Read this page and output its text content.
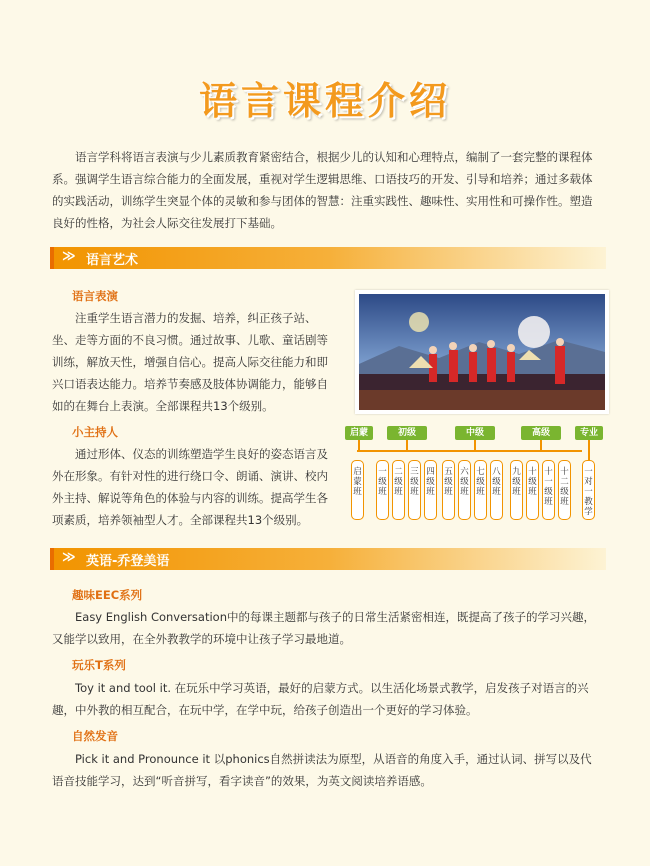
语言课程介绍
语言学科将语言表演与少儿素质教育紧密结合，根据少儿的认知和心理特点，编制了一套完整的课程体系。强调学生语言综合能力的全面发展，重视对学生逻辑思维、口语技巧的开发、引导和培养；通过多载体的实践活动，训练学生突显个体的灵敏和参与团体的智慧：注重实践性、趣味性、实用性和可操作性。塑造良好的性格，为社会人际交往发展打下基础。
≫ 语言艺术
语言表演
注重学生语言潜力的发掘、培养，纠正孩子站、坐、走等方面的不良习惯。通过故事、儿歌、童话剧等训练，解放天性，增强自信心。提高人际交往能力和即兴口语表达能力。培养节奏感及肢体协调能力，能够自如的在舞台上表演。全部课程共13个级别。
小主持人
通过形体、仪态的训练塑造学生良好的姿态语言及外在形象。有针对性的进行绕口令、朗诵、演讲、校内外主持、解说等角色的体验与内容的训练。提高学生各项素质，培养领袖型人才。全部课程共13个级别。
启蒙	初级	中级	高级	专业
启蒙班
一级班
二级班
三级班
四级班
五级班
六级班
七级班
八级班
九级班
十级班
十一级班
十二级班
一对一教学
≫ 英语-乔登美语
趣味EEC系列
Easy English Conversation中的每课主题都与孩子的日常生活紧密相连，既提高了孩子的学习兴趣，又能学以致用，在全外教教学的环境中让孩子学习最地道。
玩乐T系列
Toy it and tool it. 在玩乐中学习英语，最好的启蒙方式。以生活化场景式教学，启发孩子对语言的兴趣，中外教的相互配合，在玩中学，在学中玩，给孩子创造出一个更好的学习体验。
自然发音
Pick it and Pronounce it 以phonics自然拼读法为原型，从语音的角度入手，通过认词、拼写以及代语音技能学习，达到“听音拼写，看字读音”的效果，为英文阅读培养语感。
